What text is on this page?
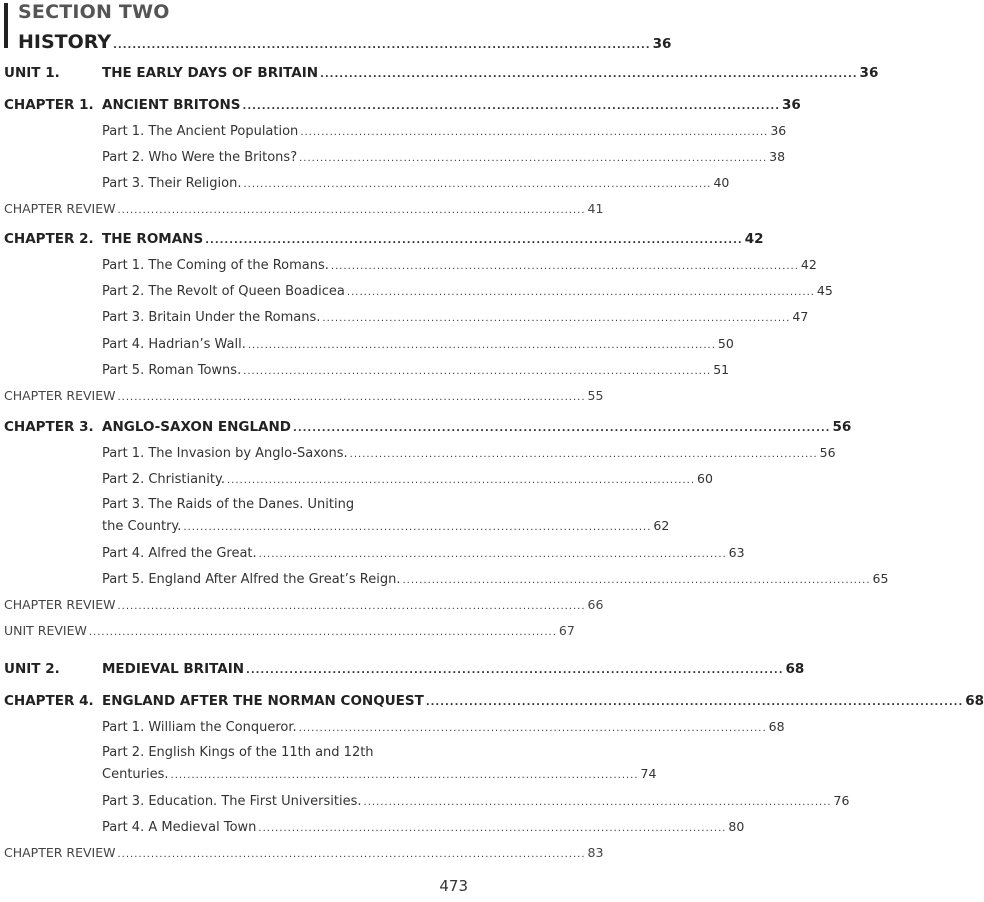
SECTION TWO
HISTORY ................................................................................................................ 36
UNIT 1.	THE EARLY DAYS OF BRITAIN ................................................................................................................ 36
CHAPTER 1. ANCIENT BRITONS ................................................................................................................ 36
Part 1. The Ancient Population ................................................................................................................ 36
Part 2. Who Were the Britons? ................................................................................................................ 38
Part 3. Their Religion. ................................................................................................................ 40
CHAPTER REVIEW ................................................................................................................ 41
CHAPTER 2. THE ROMANS ................................................................................................................ 42
Part 1. The Coming of the Romans. ................................................................................................................ 42
Part 2. The Revolt of Queen Boadicea ................................................................................................................ 45
Part 3. Britain Under the Romans. ................................................................................................................ 47
Part 4. Hadrian’s Wall. ................................................................................................................ 50
Part 5. Roman Towns. ................................................................................................................ 51
CHAPTER REVIEW ................................................................................................................ 55
CHAPTER 3. ANGLO-SAXON ENGLAND ................................................................................................................ 56
Part 1. The Invasion by Anglo-Saxons. ................................................................................................................ 56
Part 2. Christianity. ................................................................................................................ 60
Part 3. The Raids of the Danes. Uniting
the Country. ................................................................................................................ 62
Part 4. Alfred the Great. ................................................................................................................ 63
Part 5. England After Alfred the Great’s Reign. ................................................................................................................ 65
CHAPTER REVIEW ................................................................................................................ 66
UNIT REVIEW ................................................................................................................ 67
UNIT 2.	MEDIEVAL BRITAIN ................................................................................................................ 68
CHAPTER 4. ENGLAND AFTER THE NORMAN CONQUEST ................................................................................................................ 68
Part 1. William the Conqueror. ................................................................................................................ 68
Part 2. English Kings of the 11th and 12th
Centuries. ................................................................................................................ 74
Part 3. Education. The First Universities. ................................................................................................................ 76
Part 4. A Medieval Town ................................................................................................................ 80
CHAPTER REVIEW ................................................................................................................ 83
473
